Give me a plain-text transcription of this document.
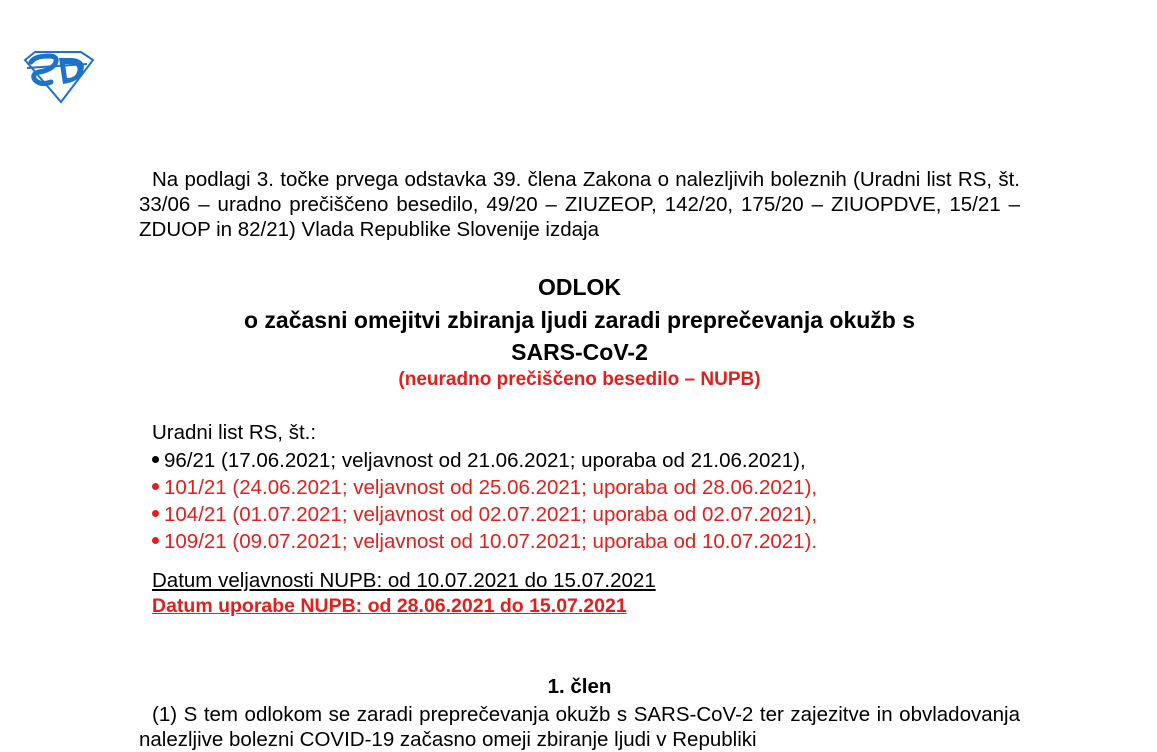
Na podlagi 3. točke prvega odstavka 39. člena Zakona o nalezljivih boleznih (Uradni list RS, št. 33/06 – uradno prečiščeno besedilo, 49/20 – ZIUZEOP, 142/20, 175/20 – ZIUOPDVE, 15/21 – ZDUOP in 82/21) Vlada Republike Slovenije izdaja
ODLOK
o začasni omejitvi zbiranja ljudi zaradi preprečevanja okužb s
SARS-CoV-2
(neuradno prečiščeno besedilo – NUPB)
Uradni list RS, št.:
96/21 (17.06.2021; veljavnost od 21.06.2021; uporaba od 21.06.2021),
101/21 (24.06.2021; veljavnost od 25.06.2021; uporaba od 28.06.2021),
104/21 (01.07.2021; veljavnost od 02.07.2021; uporaba od 02.07.2021),
109/21 (09.07.2021; veljavnost od 10.07.2021; uporaba od 10.07.2021).
Datum veljavnosti NUPB: od 10.07.2021 do 15.07.2021
Datum uporabe NUPB: od 28.06.2021 do 15.07.2021
1. člen
(1) S tem odlokom se zaradi preprečevanja okužb s SARS-CoV-2 ter zajezitve in obvladovanja nalezljive bolezni COVID-19 začasno omeji zbiranje ljudi v Republiki
